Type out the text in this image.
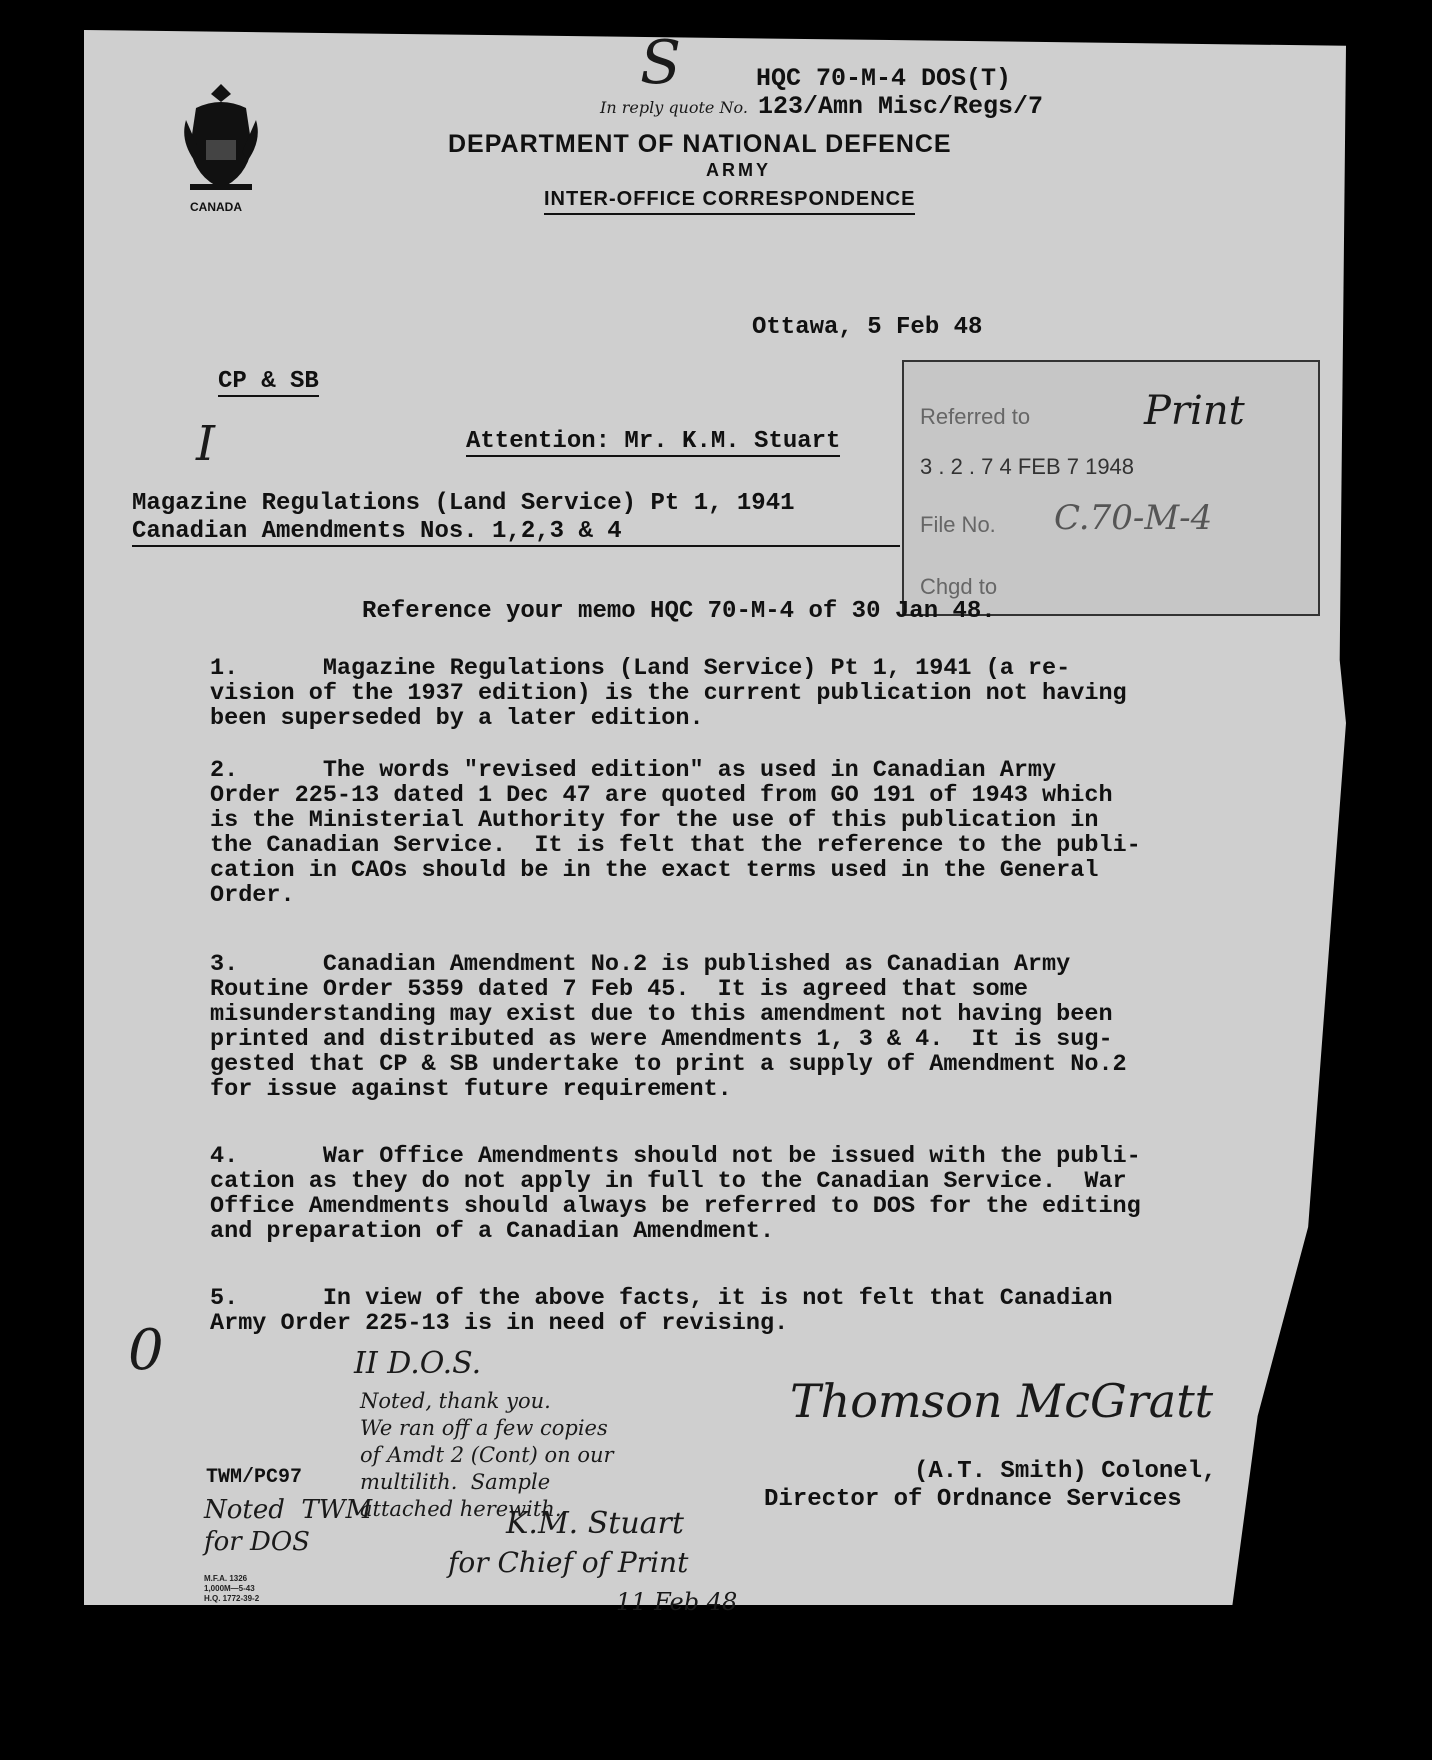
CANADA
S	HQC 70-M-4 DOS(T)
In reply quote No. 123/Amn Misc/Regs/7
DEPARTMENT OF NATIONAL DEFENCE
ARMY
INTER-OFFICE CORRESPONDENCE
Ottawa, 5 Feb 48
CP & SB
I	Attention: Mr. K.M. Stuart
Magazine Regulations (Land Service) Pt 1, 1941
Canadian Amendments Nos. 1,2,3 & 4
Referred to	Print
3 . 2 . 7 4 FEB 7 1948
File No. C.70-M-4
Chgd to
Reference your memo HQC 70-M-4 of 30 Jan 48.
1.      Magazine Regulations (Land Service) Pt 1, 1941 (a re-
vision of the 1937 edition) is the current publication not having
been superseded by a later edition.
2.      The words "revised edition" as used in Canadian Army
Order 225-13 dated 1 Dec 47 are quoted from GO 191 of 1943 which
is the Ministerial Authority for the use of this publication in
the Canadian Service.  It is felt that the reference to the publi-
cation in CAOs should be in the exact terms used in the General
Order.
3.      Canadian Amendment No.2 is published as Canadian Army
Routine Order 5359 dated 7 Feb 45.  It is agreed that some
misunderstanding may exist due to this amendment not having been
printed and distributed as were Amendments 1, 3 & 4.  It is sug-
gested that CP & SB undertake to print a supply of Amendment No.2
for issue against future requirement.
4.      War Office Amendments should not be issued with the publi-
cation as they do not apply in full to the Canadian Service.  War
Office Amendments should always be referred to DOS for the editing
and preparation of a Canadian Amendment.
5.      In view of the above facts, it is not felt that Canadian
Army Order 225-13 is in need of revising.
0	II D.O.S.
Noted, thank you.
We ran off a few copies
of Amdt 2 (Cont) on our
multilith.  Sample
attached herewith.
K.M. Stuart
for Chief of Print
11 Feb 48
Thomson McGratt
(A.T. Smith) Colonel,
Director of Ordnance Services
TWM/PC97
Noted  TWM
for DOS
M.F.A. 1326
1,000M—5-43
H.Q. 1772-39-2
